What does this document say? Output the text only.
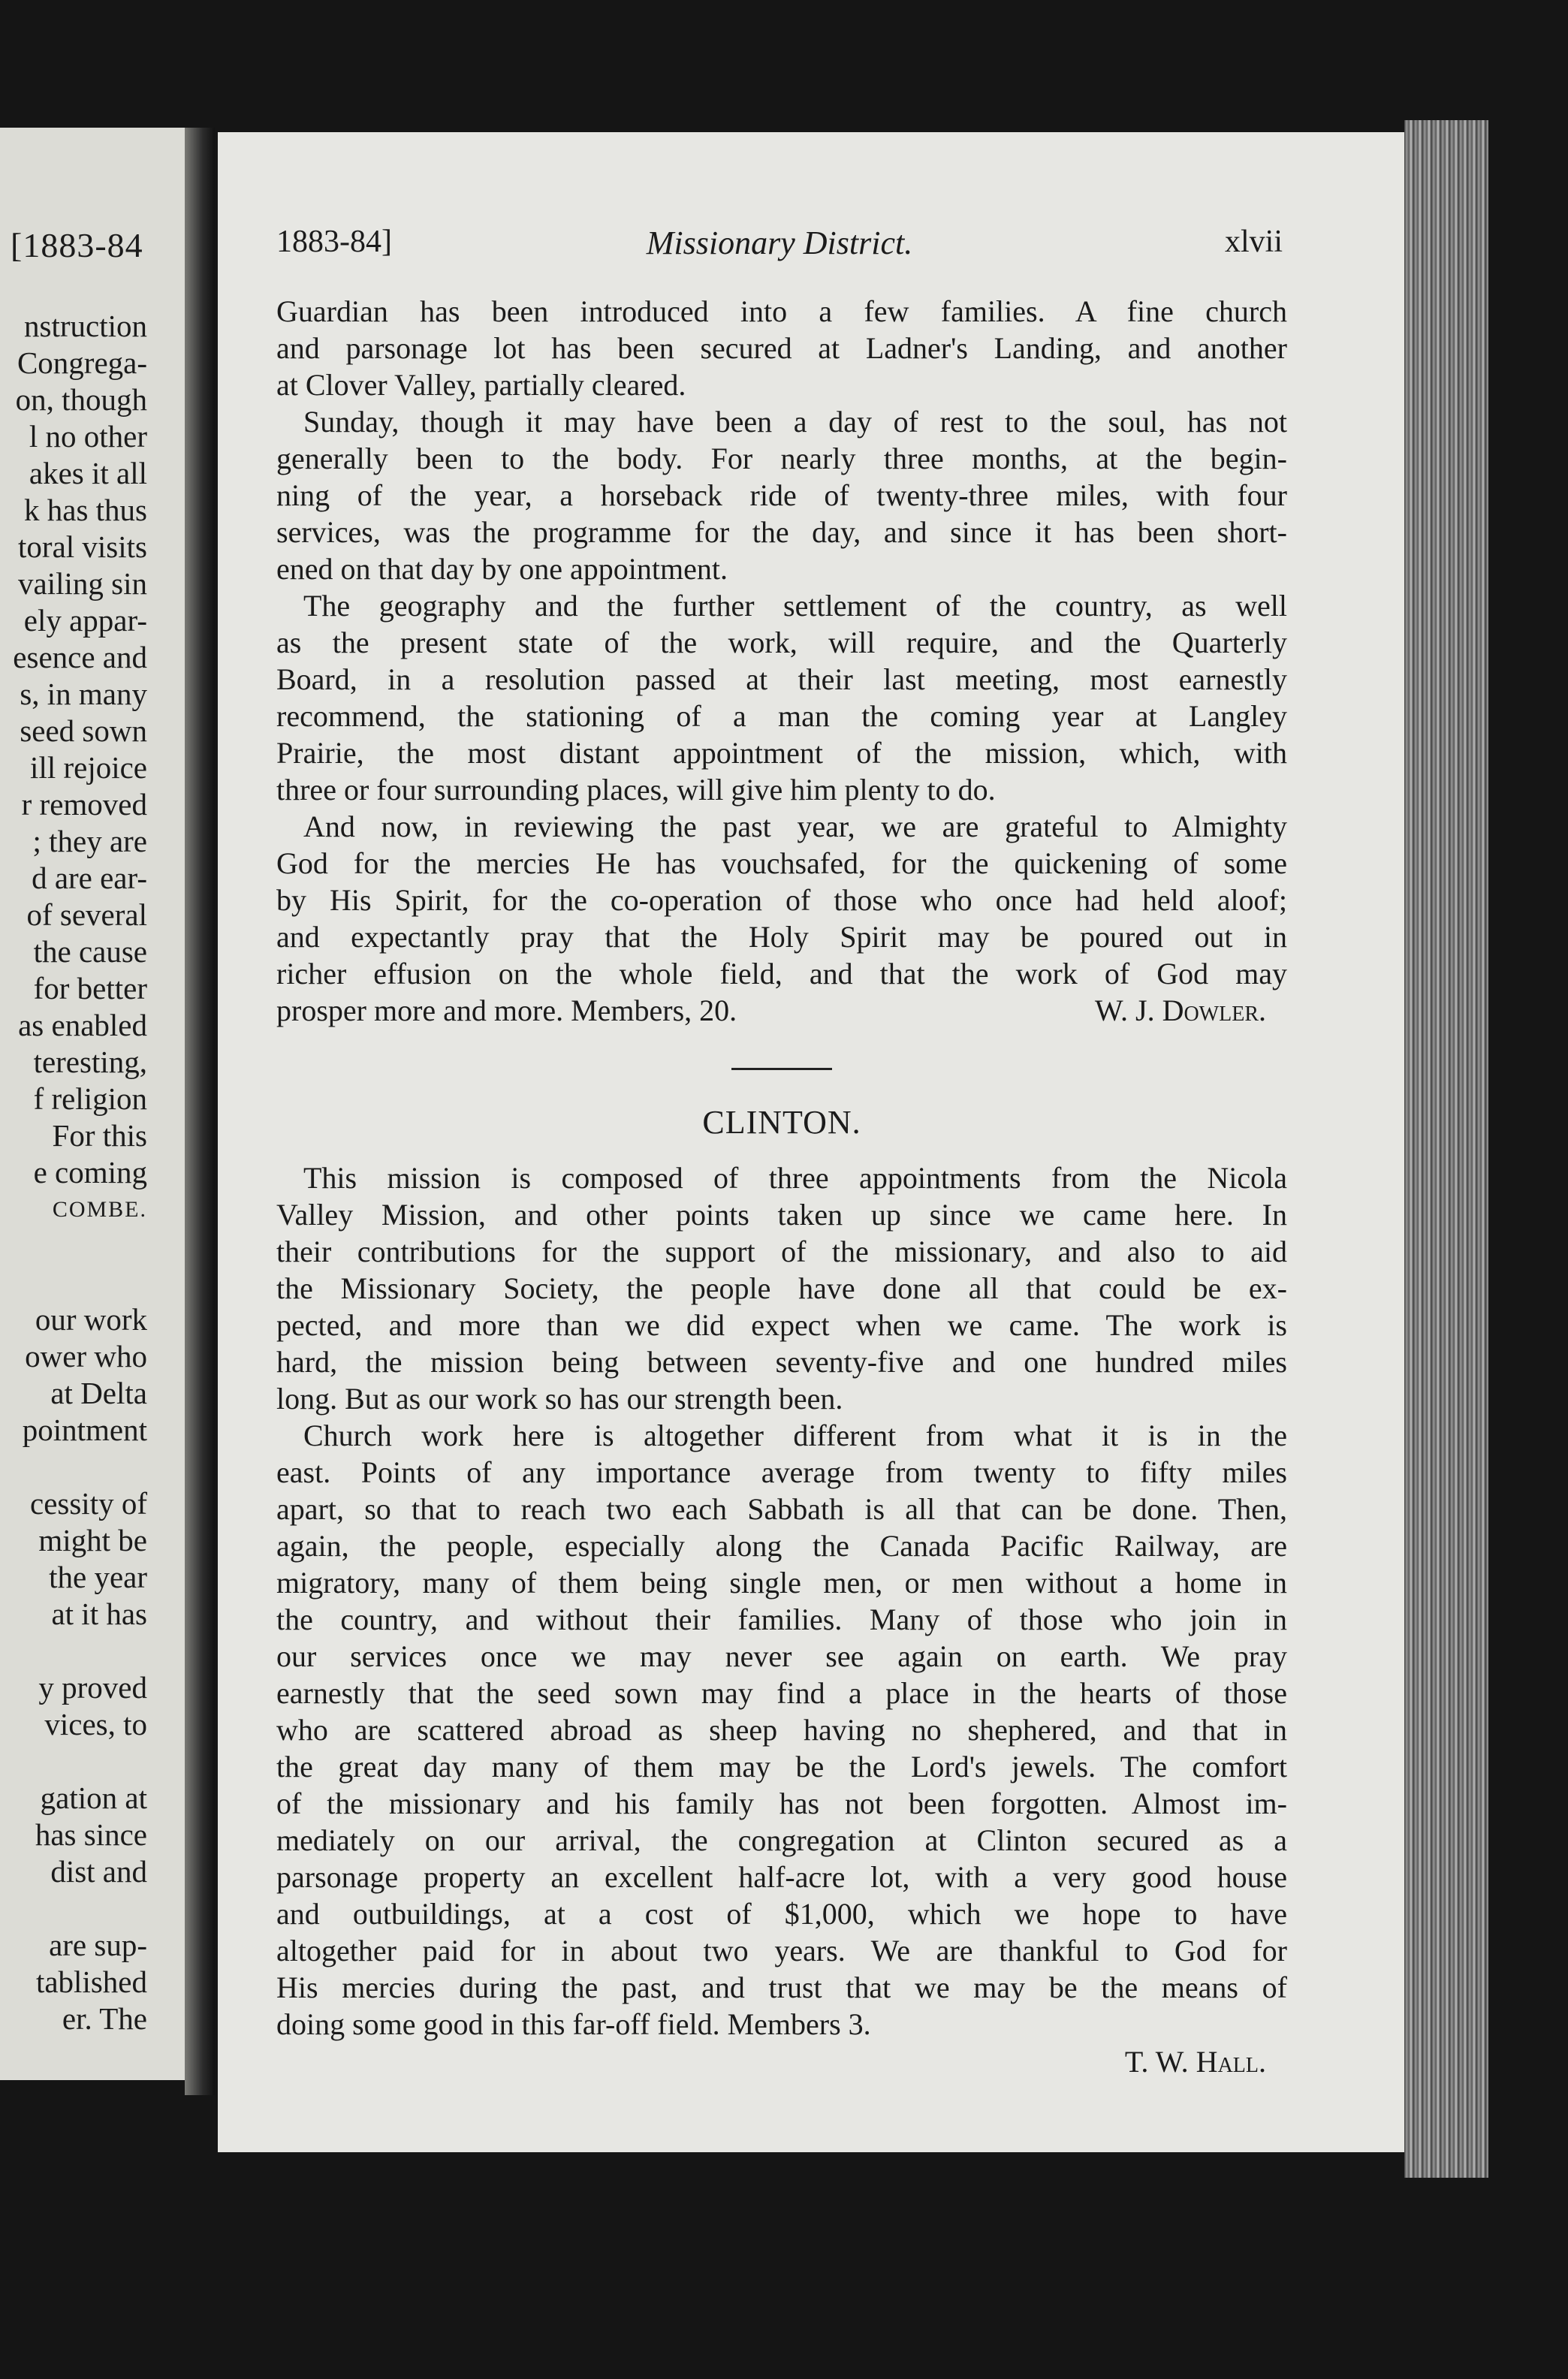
[1883-84
nstruction
Congrega-
on, though
l no other
akes it all
k has thus
toral visits
vailing sin
ely appar-
esence and
s, in many
seed sown
ill rejoice
r removed
; they are
d are ear-
of several
the cause
for better
as enabled
teresting,
f religion
For this
e coming
COMBE.
our work
ower who
at Delta
pointment
cessity of
might be
the year
at it has
y proved
vices, to
gation at
has since
dist and
are sup-
tablished
er. The
1883-84]	Missionary District.	xlvii
Guardian has been introduced into a few families. A fine church
and parsonage lot has been secured at Ladner's Landing, and another
at Clover Valley, partially cleared.
Sunday, though it may have been a day of rest to the soul, has not
generally been to the body. For nearly three months, at the begin-
ning of the year, a horseback ride of twenty-three miles, with four
services, was the programme for the day, and since it has been short-
ened on that day by one appointment.
The geography and the further settlement of the country, as well
as the present state of the work, will require, and the Quarterly
Board, in a resolution passed at their last meeting, most earnestly
recommend, the stationing of a man the coming year at Langley
Prairie, the most distant appointment of the mission, which, with
three or four surrounding places, will give him plenty to do.
And now, in reviewing the past year, we are grateful to Almighty
God for the mercies He has vouchsafed, for the quickening of some
by His Spirit, for the co-operation of those who once had held aloof;
and expectantly pray that the Holy Spirit may be poured out in
richer effusion on the whole field, and that the work of God may
prosper more and more. Members, 20.	W. J. Dowler.
CLINTON.
This mission is composed of three appointments from the Nicola
Valley Mission, and other points taken up since we came here. In
their contributions for the support of the missionary, and also to aid
the Missionary Society, the people have done all that could be ex-
pected, and more than we did expect when we came. The work is
hard, the mission being between seventy-five and one hundred miles
long. But as our work so has our strength been.
Church work here is altogether different from what it is in the
east. Points of any importance average from twenty to fifty miles
apart, so that to reach two each Sabbath is all that can be done. Then,
again, the people, especially along the Canada Pacific Railway, are
migratory, many of them being single men, or men without a home in
the country, and without their families. Many of those who join in
our services once we may never see again on earth. We pray
earnestly that the seed sown may find a place in the hearts of those
who are scattered abroad as sheep having no shephered, and that in
the great day many of them may be the Lord's jewels. The comfort
of the missionary and his family has not been forgotten. Almost im-
mediately on our arrival, the congregation at Clinton secured as a
parsonage property an excellent half-acre lot, with a very good house
and outbuildings, at a cost of $1,000, which we hope to have
altogether paid for in about two years. We are thankful to God for
His mercies during the past, and trust that we may be the means of
doing some good in this far-off field. Members 3.
T. W. Hall.
